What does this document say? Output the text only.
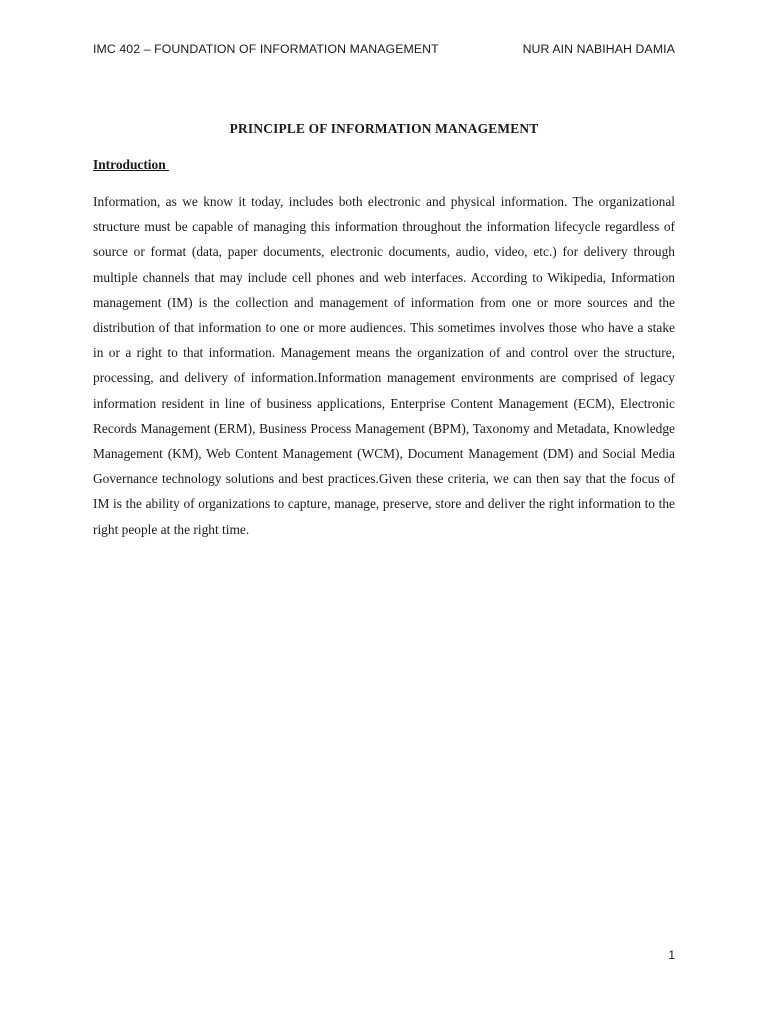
IMC 402 – FOUNDATION OF INFORMATION MANAGEMENT	NUR AIN NABIHAH DAMIA
PRINCIPLE OF INFORMATION MANAGEMENT
Introduction

Information, as we know it today, includes both electronic and physical information. The organizational structure must be capable of managing this information throughout the information lifecycle regardless of source or format (data, paper documents, electronic documents, audio, video, etc.) for delivery through multiple channels that may include cell phones and web interfaces. According to Wikipedia, Information management (IM) is the collection and management of information from one or more sources and the distribution of that information to one or more audiences. This sometimes involves those who have a stake in or a right to that information. Management means the organization of and control over the structure, processing, and delivery of information.Information management environments are comprised of legacy information resident in line of business applications, Enterprise Content Management (ECM), Electronic Records Management (ERM), Business Process Management (BPM), Taxonomy and Metadata, Knowledge Management (KM), Web Content Management (WCM), Document Management (DM) and Social Media Governance technology solutions and best practices.Given these criteria, we can then say that the focus of IM is the ability of organizations to capture, manage, preserve, store and deliver the right information to the right people at the right time.

1
